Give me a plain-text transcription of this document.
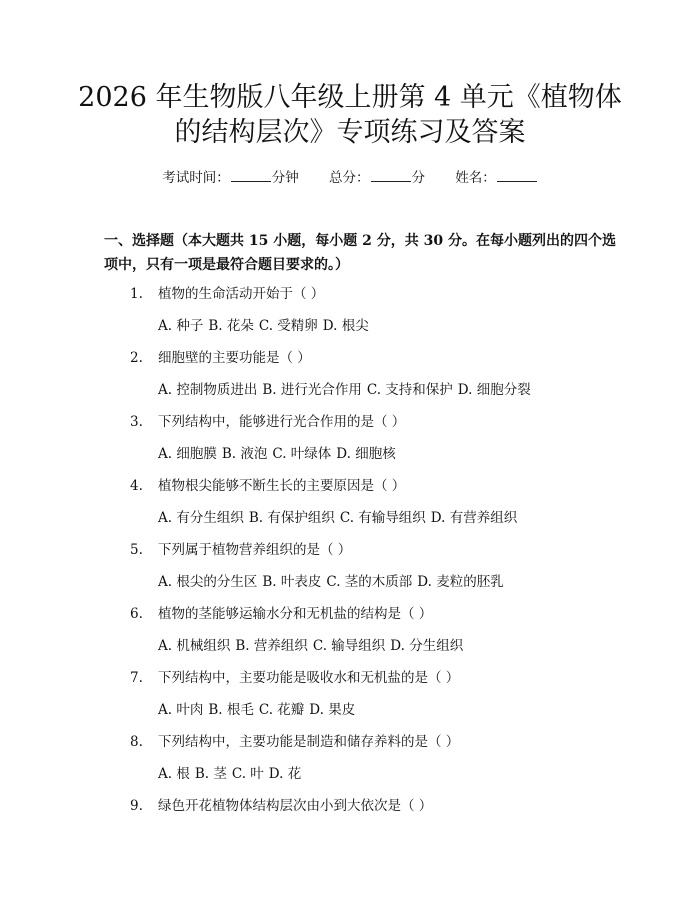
2026 年生物版八年级上册第 4 单元《植物体
的结构层次》专项练习及答案
考试时间：	分钟 总分：	分 姓名：

一、选择题（本大题共 15 小题，每小题 2 分，共 30 分。在每小题列出的四个选项中，只有一项是最符合题目要求的。）

1. 植物的生命活动开始于（ ）
A. 种子 B. 花朵 C. 受精卵 D. 根尖
2. 细胞壁的主要功能是（ ）
A. 控制物质进出 B. 进行光合作用 C. 支持和保护 D. 细胞分裂
3. 下列结构中，能够进行光合作用的是（ ）
A. 细胞膜 B. 液泡 C. 叶绿体 D. 细胞核
4. 植物根尖能够不断生长的主要原因是（ ）
A. 有分生组织 B. 有保护组织 C. 有输导组织 D. 有营养组织
5. 下列属于植物营养组织的是（ ）
A. 根尖的分生区 B. 叶表皮 C. 茎的木质部 D. 麦粒的胚乳
6. 植物的茎能够运输水分和无机盐的结构是（ ）
A. 机械组织 B. 营养组织 C. 输导组织 D. 分生组织
7. 下列结构中，主要功能是吸收水和无机盐的是（ ）
A. 叶肉 B. 根毛 C. 花瓣 D. 果皮
8. 下列结构中，主要功能是制造和储存养料的是（ ）
A. 根 B. 茎 C. 叶 D. 花
9. 绿色开花植物体结构层次由小到大依次是（ ）
